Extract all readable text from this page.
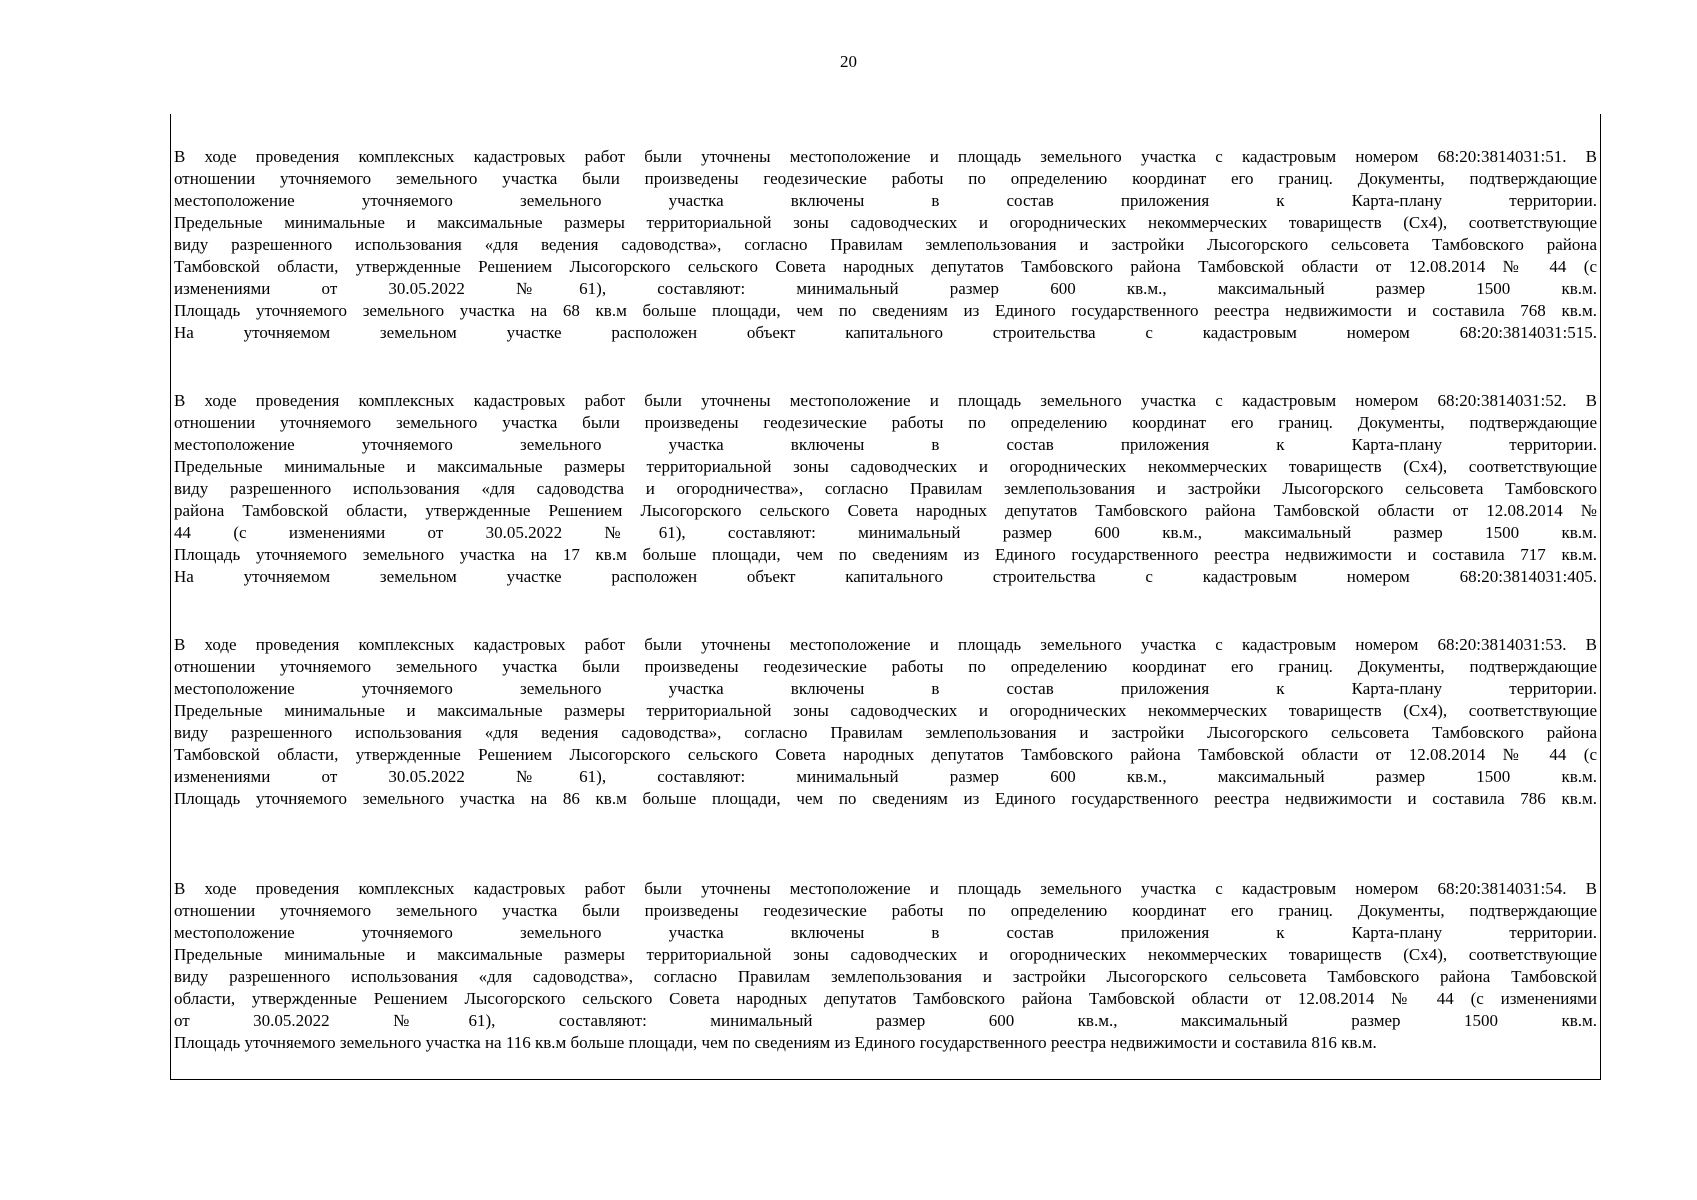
20
В ходе проведения комплексных кадастровых работ были уточнены местоположение и площадь земельного участка с кадастровым номером 68:20:3814031:51. В
отношении уточняемого земельного участка были произведены геодезические работы по определению координат его границ. Документы, подтверждающие
местоположение уточняемого земельного участка включены в состав приложения к Карта-плану территории.
Предельные минимальные и максимальные размеры территориальной зоны садоводческих и огороднических некоммерческих товариществ (Сх4), соответствующие
виду разрешенного использования «для ведения садоводства», согласно Правилам землепользования и застройки Лысогорского сельсовета Тамбовского района
Тамбовской области, утвержденные Решением Лысогорского сельского Совета народных депутатов Тамбовского района Тамбовской области от 12.08.2014 № 44 (с
изменениями от 30.05.2022 №61), составляют: минимальный размер 600 кв.м., максимальный размер 1500 кв.м.
Площадь уточняемого земельного участка на 68 кв.м больше площади, чем по сведениям из Единого государственного реестра недвижимости и составила 768 кв.м.
На уточняемом земельном участке расположен объект капитального строительства с кадастровым номером 68:20:3814031:515.
В ходе проведения комплексных кадастровых работ были уточнены местоположение и площадь земельного участка с кадастровым номером 68:20:3814031:52. В
отношении уточняемого земельного участка были произведены геодезические работы по определению координат его границ. Документы, подтверждающие
местоположение уточняемого земельного участка включены в состав приложения к Карта-плану территории.
Предельные минимальные и максимальные размеры территориальной зоны садоводческих и огороднических некоммерческих товариществ (Сх4), соответствующие
виду разрешенного использования «для садоводства и огородничества», согласно Правилам землепользования и застройки Лысогорского сельсовета Тамбовского
района Тамбовской области, утвержденные Решением Лысогорского сельского Совета народных депутатов Тамбовского района Тамбовской области от 12.08.2014 №
44 (с изменениями от 30.05.2022 №61), составляют: минимальный размер 600 кв.м., максимальный размер 1500 кв.м.
Площадь уточняемого земельного участка на 17 кв.м больше площади, чем по сведениям из Единого государственного реестра недвижимости и составила 717 кв.м.
На уточняемом земельном участке расположен объект капитального строительства с кадастровым номером 68:20:3814031:405.
В ходе проведения комплексных кадастровых работ были уточнены местоположение и площадь земельного участка с кадастровым номером 68:20:3814031:53. В
отношении уточняемого земельного участка были произведены геодезические работы по определению координат его границ. Документы, подтверждающие
местоположение уточняемого земельного участка включены в состав приложения к Карта-плану территории.
Предельные минимальные и максимальные размеры территориальной зоны садоводческих и огороднических некоммерческих товариществ (Сх4), соответствующие
виду разрешенного использования «для ведения садоводства», согласно Правилам землепользования и застройки Лысогорского сельсовета Тамбовского района
Тамбовской области, утвержденные Решением Лысогорского сельского Совета народных депутатов Тамбовского района Тамбовской области от 12.08.2014 № 44 (с
изменениями от 30.05.2022 №61), составляют: минимальный размер 600 кв.м., максимальный размер 1500 кв.м.
Площадь уточняемого земельного участка на 86 кв.м больше площади, чем по сведениям из Единого государственного реестра недвижимости и составила 786 кв.м.
В ходе проведения комплексных кадастровых работ были уточнены местоположение и площадь земельного участка с кадастровым номером 68:20:3814031:54. В
отношении уточняемого земельного участка были произведены геодезические работы по определению координат его границ. Документы, подтверждающие
местоположение уточняемого земельного участка включены в состав приложения к Карта-плану территории.
Предельные минимальные и максимальные размеры территориальной зоны садоводческих и огороднических некоммерческих товариществ (Сх4), соответствующие
виду разрешенного использования «для садоводства», согласно Правилам землепользования и застройки Лысогорского сельсовета Тамбовского района Тамбовской
области, утвержденные Решением Лысогорского сельского Совета народных депутатов Тамбовского района Тамбовской области от 12.08.2014 № 44 (с изменениями
от 30.05.2022 №61), составляют: минимальный размер 600 кв.м., максимальный размер 1500 кв.м.
Площадь уточняемого земельного участка на 116 кв.м больше площади, чем по сведениям из Единого государственного реестра недвижимости и составила 816 кв.м.
